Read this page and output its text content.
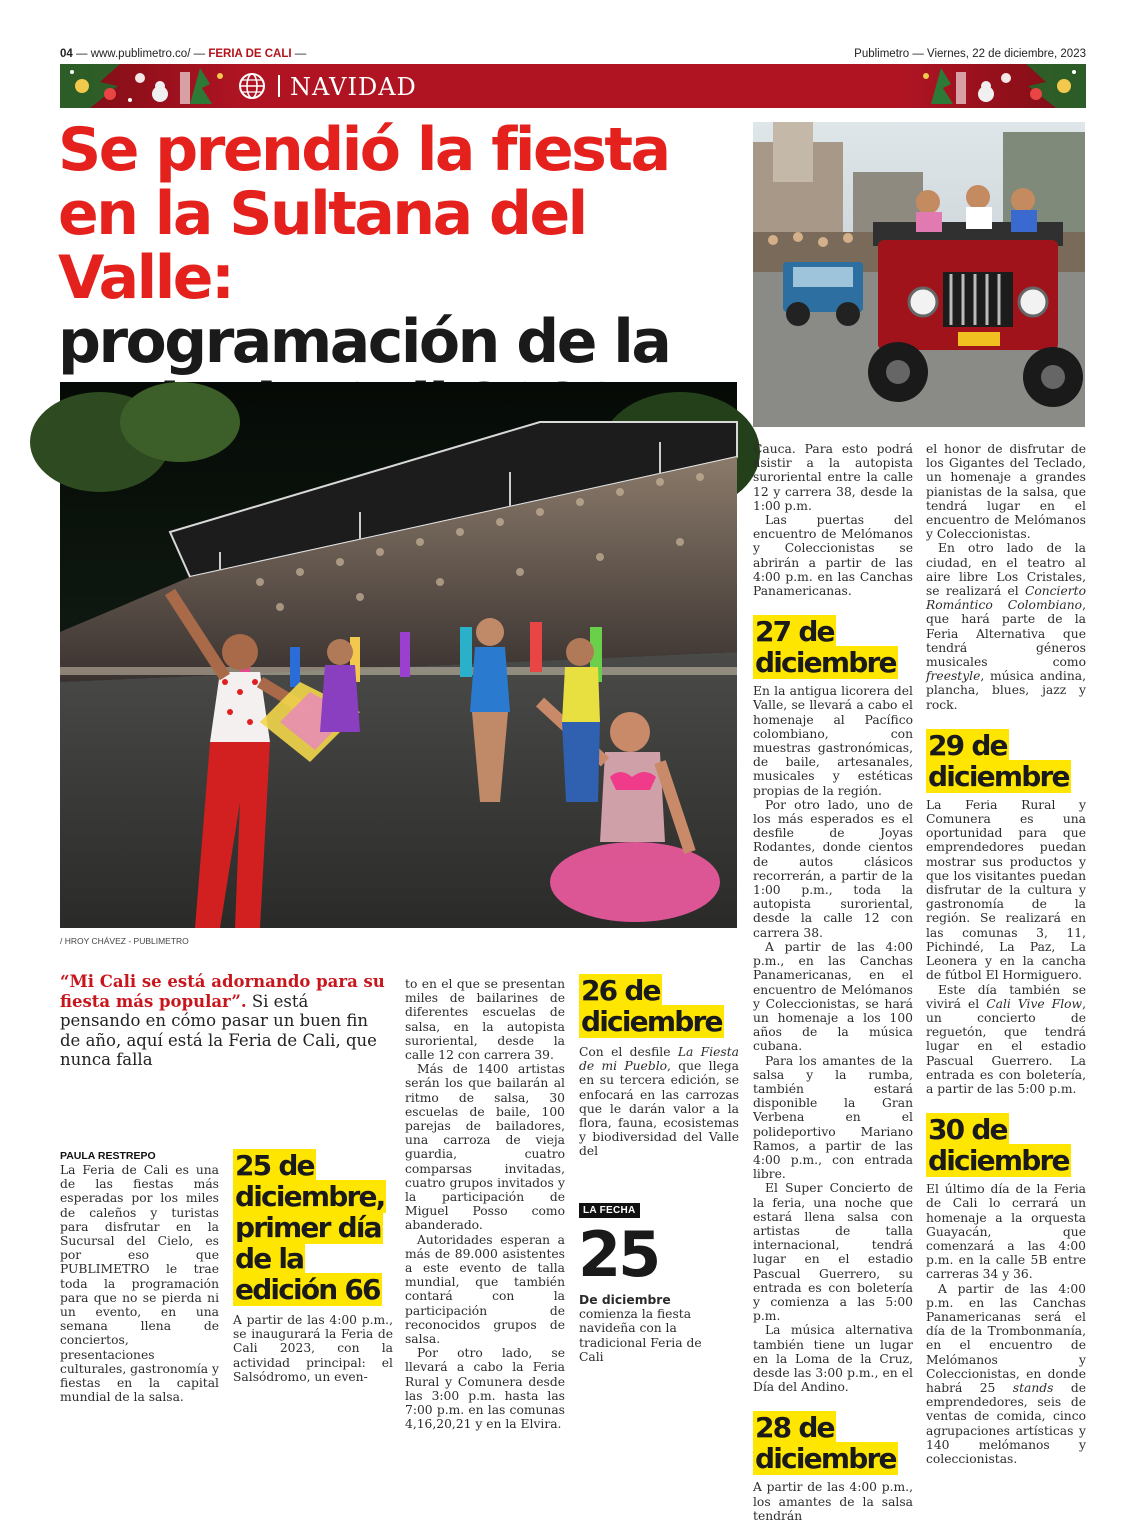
04 — www.publimetro.co/ — FERIA DE CALI —	Publimetro — Viernes, 22 de diciembre, 2023
NAVIDAD
Se prendió la fiesta
en la Sultana del Valle:
programación de la
/ HROY CHÁVEZ - PUBLIMETRO
“Mi Cali se está adornando para su fiesta más popular”. Si está pensando en cómo pasar un buen fin de año, aquí está la Feria de Cali, que nunca falla
PAULA RESTREPO

La Feria de Cali es una de las fiestas más esperadas por los miles de caleños y turistas para disfrutar en la Sucursal del Cielo, es por eso que PUBLIMETRO le trae toda la programación para que no se pierda ni un evento, en una semana llena de conciertos, presentaciones culturales, gastronomía y fiestas en la capital mundial de la salsa.

25 de diciembre, primer día de la edición 66

A partir de las 4:00 p.m., se inaugurará la Feria de Cali 2023, con la actividad principal: el Salsódromo, un even-

to en el que se presentan miles de bailarines de diferentes escuelas de salsa, en la autopista suroriental, desde la calle 12 con carrera 39.

Más de 1400 artistas serán los que bailarán al ritmo de salsa, 30 escuelas de baile, 100 parejas de bailadores, una carroza de vieja guardia, cuatro comparsas invitadas, cuatro grupos invitados y la participación de Miguel Posso como abanderado.

Autoridades esperan a más de 89.000 asistentes a este evento de talla mundial, que también contará con la participación de reconocidos grupos de salsa.

Por otro lado, se llevará a cabo la Feria Rural y Comunera desde las 3:00 p.m. hasta las 7:00 p.m. en las comunas 4,16,20,21 y en la Elvira.

26 de diciembre

Con el desfile La Fiesta de mi Pueblo, que llega en su tercera edición, se enfocará en las carrozas que le darán valor a la flora, fauna, ecosistemas y biodiversidad del Valle del

LA FECHA
25
De diciembre comienza la fiesta navideña con la tradicional Feria de Cali

Cauca. Para esto podrá asistir a la autopista suroriental entre la calle 12 y carrera 38, desde la 1:00 p.m.

Las puertas del encuentro de Melómanos y Coleccionistas se abrirán a partir de las 4:00 p.m. en las Canchas Panamericanas.

27 de diciembre

En la antigua licorera del Valle, se llevará a cabo el homenaje al Pacífico colombiano, con muestras gastronómicas, de baile, artesanales, musicales y estéticas propias de la región.

Por otro lado, uno de los más esperados es el desfile de Joyas Rodantes, donde cientos de autos clásicos recorrerán, a partir de la 1:00 p.m., toda la autopista suroriental, desde la calle 12 con carrera 38.

A partir de las 4:00 p.m., en las Canchas Panamericanas, en el encuentro de Melómanos y Coleccionistas, se hará un homenaje a los 100 años de la música cubana.

Para los amantes de la salsa y la rumba, también estará disponible la Gran Verbena en el polideportivo Mariano Ramos, a partir de las 4:00 p.m., con entrada libre.

El Super Concierto de la feria, una noche que estará llena salsa con artistas de talla internacional, tendrá lugar en el estadio Pascual Guerrero, su entrada es con boletería y comienza a las 5:00 p.m.

La música alternativa también tiene un lugar en la Loma de la Cruz, desde las 3:00 p.m., en el Día del Andino.

28 de diciembre

A partir de las 4:00 p.m., los amantes de la salsa tendrán

el honor de disfrutar de los Gigantes del Teclado, un homenaje a grandes pianistas de la salsa, que tendrá lugar en el encuentro de Melómanos y Coleccionistas.

En otro lado de la ciudad, en el teatro al aire libre Los Cristales, se realizará el Concierto Romántico Colombiano, que hará parte de la Feria Alternativa que tendrá géneros musicales como freestyle, música andina, plancha, blues, jazz y rock.

29 de diciembre

La Feria Rural y Comunera es una oportunidad para que emprendedores puedan mostrar sus productos y que los visitantes puedan disfrutar de la cultura y gastronomía de la región. Se realizará en las comunas 3, 11, Pichindé, La Paz, La Leonera y en la cancha de fútbol El Hormiguero.

Este día también se vivirá el Cali Vive Flow, un concierto de reguetón, que tendrá lugar en el estadio Pascual Guerrero. La entrada es con boletería, a partir de las 5:00 p.m.

30 de diciembre

El último día de la Feria de Cali lo cerrará un homenaje a la orquesta Guayacán, que comenzará a las 4:00 p.m. en la calle 5B entre carreras 34 y 36.

A partir de las 4:00 p.m. en las Canchas Panamericanas será el día de la Trombonmanía, en el encuentro de Melómanos y Coleccionistas, en donde habrá 25 stands de emprendedores, seis de ventas de comida, cinco agrupaciones artísticas y 140 melómanos y coleccionistas.
